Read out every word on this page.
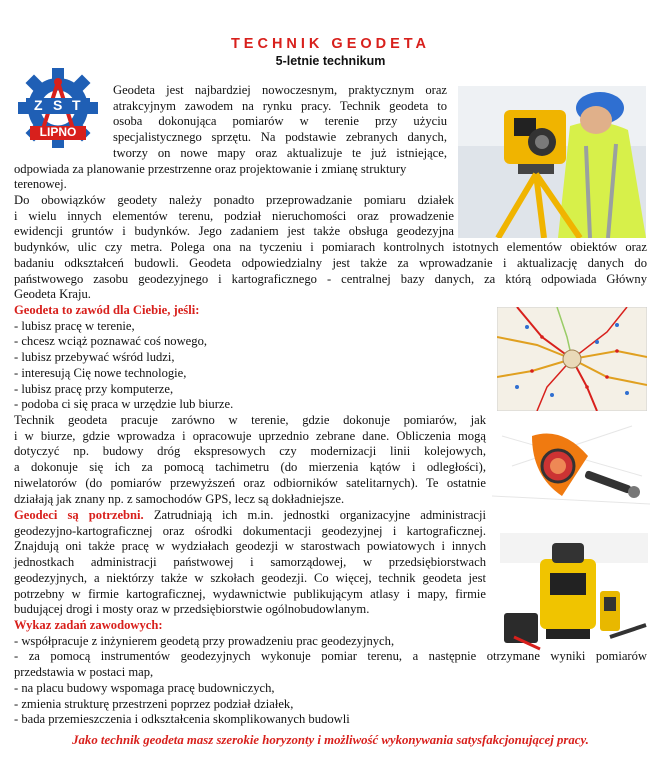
TECHNIK GEODETA
5-letnie technikum
Z S T
LIPNO
Geodeta jest najbardziej nowoczesnym, praktycznym oraz
atrakcyjnym zawodem na rynku pracy. Technik geodeta to
osoba dokonująca pomiarów w terenie przy użyciu
specjalistycznego sprzętu. Na podstawie zebranych danych,
tworzy on nowe mapy oraz aktualizuje te już istniejące,
odpowiada za planowanie przestrzenne oraz projektowanie i zmianę struktury
terenowej.
Do obowiązków geodety należy ponadto przeprowadzanie pomiaru działek
i wielu innych elementów terenu, podział nieruchomości oraz prowadzenie
ewidencji gruntów i budynków. Jego zadaniem jest także obsługa geodezyjna
budynków, ulic czy metra. Polega ona na tyczeniu i pomiarach kontrolnych istotnych elementów obiektów oraz
badaniu odkształceń budowli. Geodeta odpowiedzialny jest także za wprowadzanie i aktualizację danych do
państwowego zasobu geodezyjnego i kartograficznego - centralnej bazy danych, za którą odpowiada Główny
Geodeta Kraju.
Geodeta to zawód dla Ciebie, jeśli:
- lubisz pracę w terenie,
- chcesz wciąż poznawać coś nowego,
- lubisz przebywać wśród ludzi,
- interesują Cię nowe technologie,
- lubisz pracę przy komputerze,
- podoba ci się praca w urzędzie lub biurze.
Technik geodeta pracuje zarówno w terenie, gdzie dokonuje pomiarów, jak
i w biurze, gdzie wprowadza i opracowuje uprzednio zebrane dane. Obliczenia mogą
dotyczyć np. budowy dróg ekspresowych czy modernizacji linii kolejowych,
a dokonuje się ich za pomocą tachimetru (do mierzenia kątów i odległości),
niwelatorów (do pomiarów przewyższeń oraz odbiorników satelitarnych). Te ostatnie
działają jak znany np. z samochodów GPS, lecz są dokładniejsze.
Geodeci są potrzebni. Zatrudniają ich m.in. jednostki organizacyjne administracji
geodezyjno-kartograficznej oraz ośrodki dokumentacji geodezyjnej i kartograficznej.
Znajdują oni także pracę w wydziałach geodezji w starostwach powiatowych i innych
jednostkach administracji państwowej i samorządowej, w przedsiębiorstwach
geodezyjnych, a niektórzy także w szkołach geodezji. Co więcej, technik geodeta jest
potrzebny w firmie kartograficznej, wydawnictwie publikującym atlasy i mapy, firmie
budującej drogi i mosty oraz w przedsiębiorstwie ogólnobudowlanym.
Wykaz zadań zawodowych:
- współpracuje z inżynierem geodetą przy prowadzeniu prac geodezyjnych,
- za pomocą instrumentów geodezyjnych wykonuje pomiar terenu, a następnie otrzymane wyniki pomiarów
przedstawia w postaci map,
- na placu budowy wspomaga pracę budowniczych,
- zmienia strukturę przestrzeni poprzez podział działek,
- bada przemieszczenia i odkształcenia skomplikowanych budowli
Jako technik geodeta masz szerokie horyzonty i możliwość wykonywania satysfakcjonującej pracy.
